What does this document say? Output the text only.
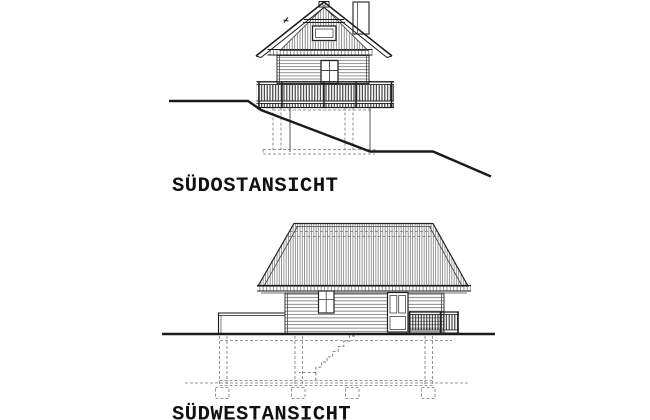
SÜDOSTANSICHT
SÜDWESTANSICHT
